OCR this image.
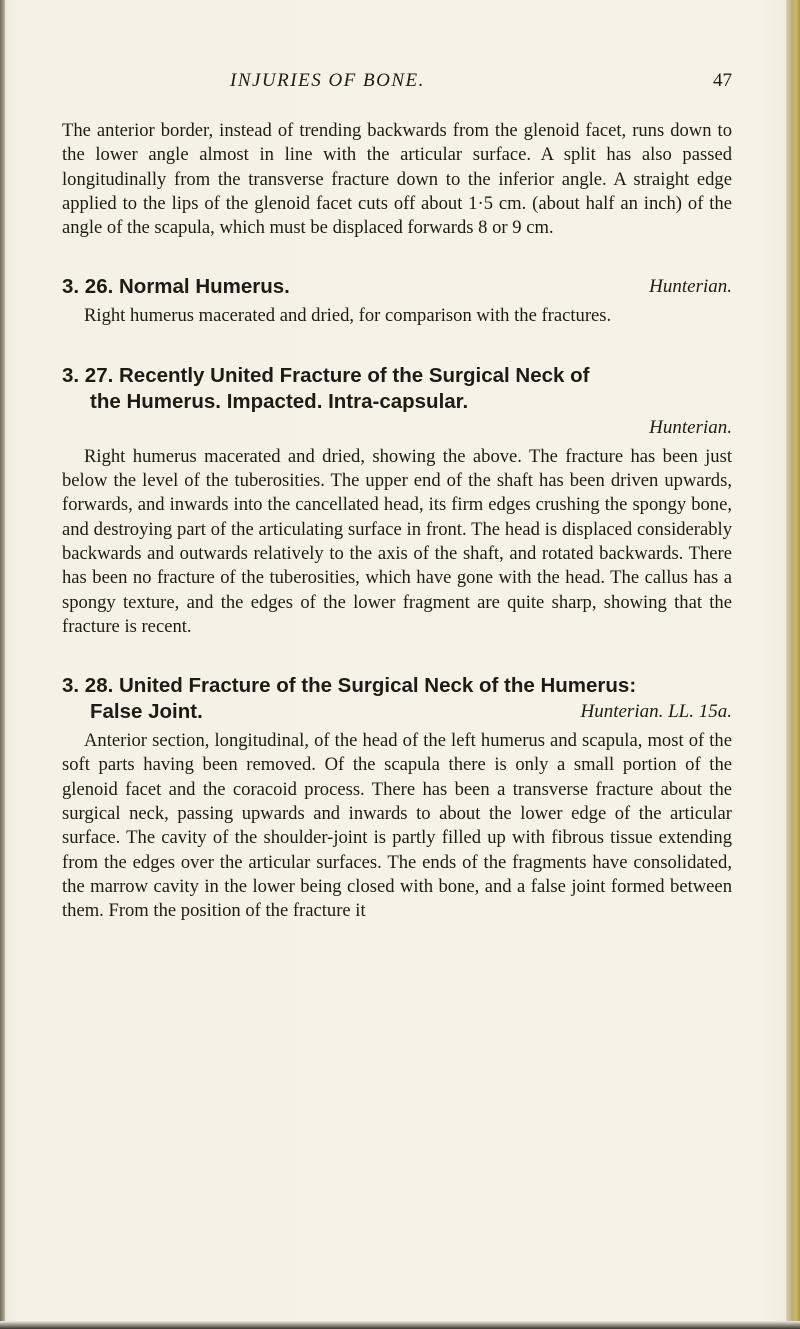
INJURIES OF BONE.	47

The anterior border, instead of trending backwards from the glenoid facet, runs down to the lower angle almost in line with the articular surface. A split has also passed longitudinally from the transverse fracture down to the inferior angle. A straight edge applied to the lips of the glenoid facet cuts off about 1·5 cm. (about half an inch) of the angle of the scapula, which must be displaced forwards 8 or 9 cm.

Hunterian.
3. 26. Normal Humerus.

Right humerus macerated and dried, for comparison with the fractures.

3. 27. Recently United Fracture of the Surgical Neck of
the Humerus. Impacted. Intra-capsular.
Hunterian.

Right humerus macerated and dried, showing the above. The fracture has been just below the level of the tuberosities. The upper end of the shaft has been driven upwards, forwards, and inwards into the cancellated head, its firm edges crushing the spongy bone, and destroying part of the articulating surface in front. The head is displaced considerably backwards and outwards relatively to the axis of the shaft, and rotated backwards. There has been no fracture of the tuberosities, which have gone with the head. The callus has a spongy texture, and the edges of the lower fragment are quite sharp, showing that the fracture is recent.

3. 28. United Fracture of the Surgical Neck of the Humerus:
Hunterian. LL. 15a.
False Joint.

Anterior section, longitudinal, of the head of the left humerus and scapula, most of the soft parts having been removed. Of the scapula there is only a small portion of the glenoid facet and the coracoid process. There has been a transverse fracture about the surgical neck, passing upwards and inwards to about the lower edge of the articular surface. The cavity of the shoulder-joint is partly filled up with fibrous tissue extending from the edges over the articular surfaces. The ends of the fragments have consolidated, the marrow cavity in the lower being closed with bone, and a false joint formed between them. From the position of the fracture it
